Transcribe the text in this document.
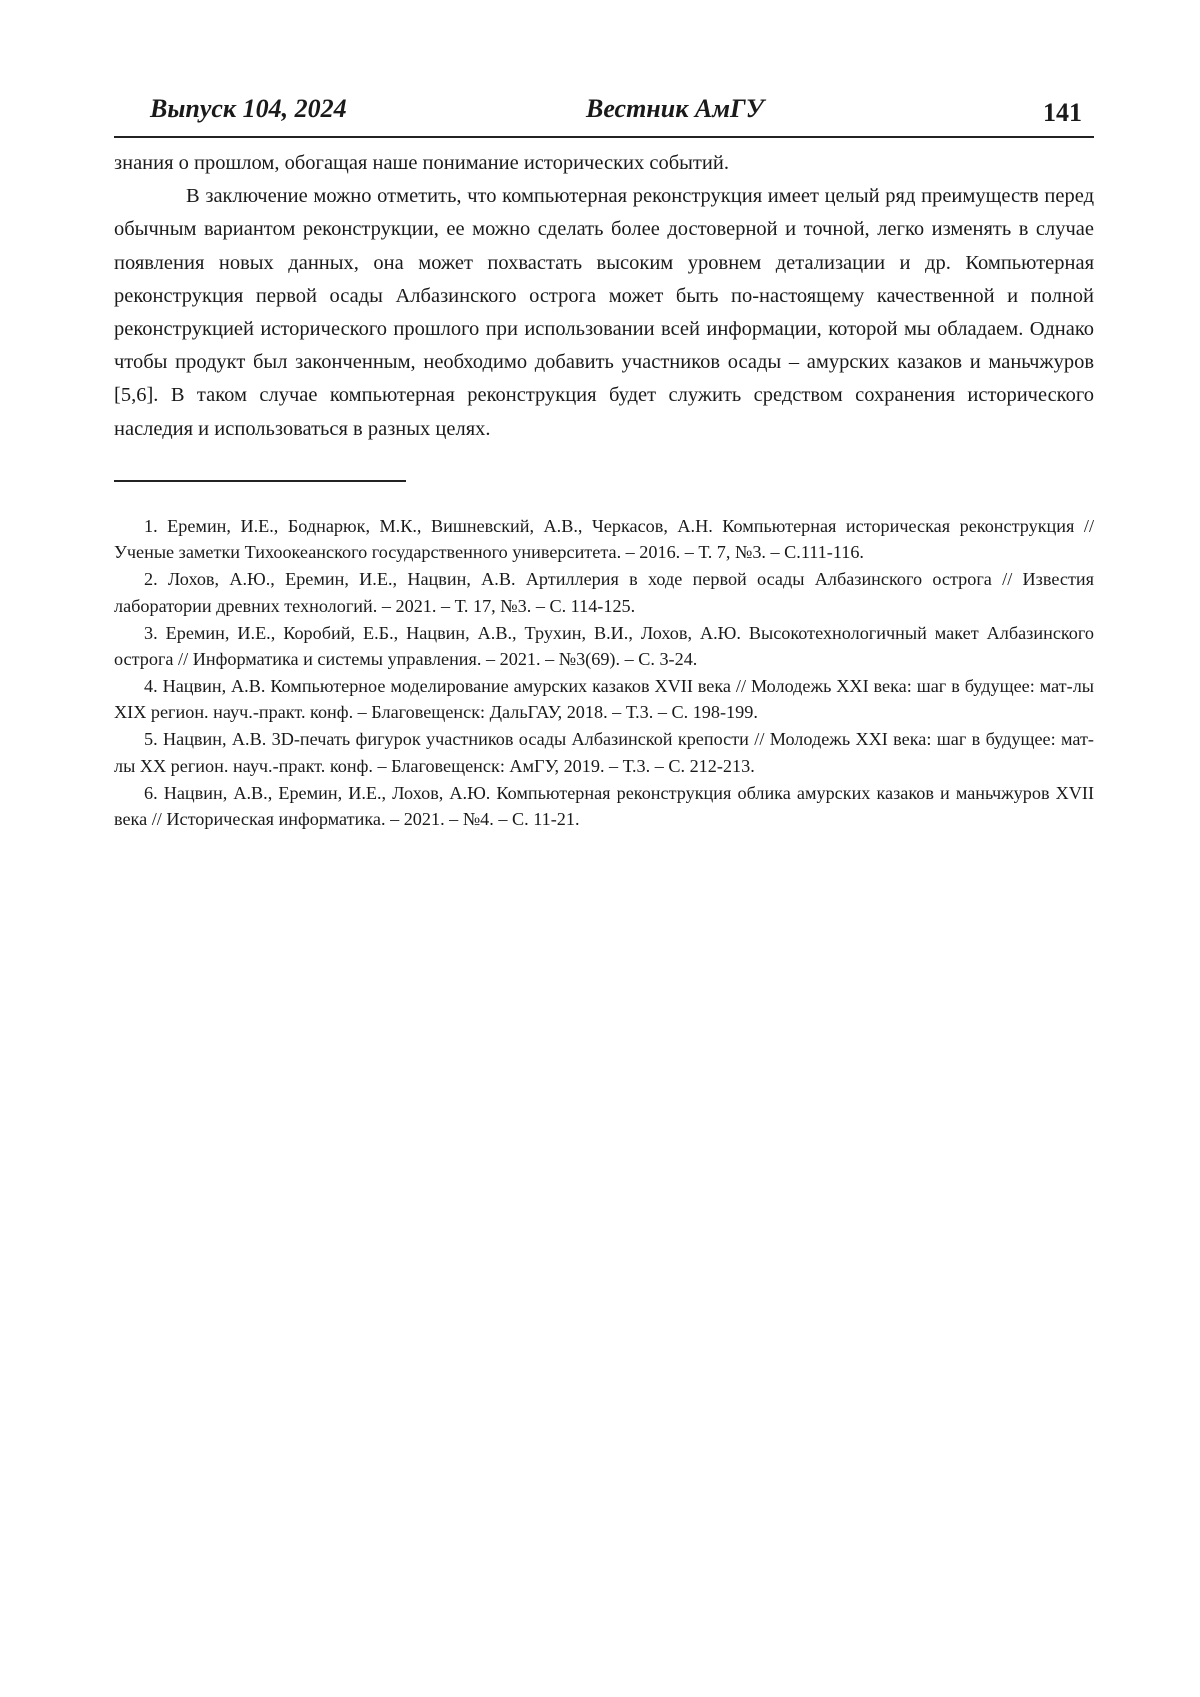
Выпуск 104, 2024	Вестник АмГУ	141

знания о прошлом, обогащая наше понимание исторических событий.

В заключение можно отметить, что компьютерная реконструкция имеет целый ряд преимуществ перед обычным вариантом реконструкции, ее можно сделать более достоверной и точной, легко изменять в случае появления новых данных, она может похвастать высоким уровнем детализации и др. Компьютерная реконструкция первой осады Албазинского острога может быть по-настоящему качественной и полной реконструкцией исторического прошлого при использовании всей информации, которой мы обладаем. Однако чтобы продукт был законченным, необходимо добавить участников осады – амурских казаков и маньчжуров [5,6]. В таком случае компьютерная реконструкция будет служить средством сохранения исторического наследия и использоваться в разных целях.

1. Еремин, И.Е., Боднарюк, М.К., Вишневский, А.В., Черкасов, А.Н. Компьютерная историческая реконструкция // Ученые заметки Тихоокеанского государственного университета. – 2016. – Т. 7, №3. – С.111-116.

2. Лохов, А.Ю., Еремин, И.Е., Нацвин, А.В. Артиллерия в ходе первой осады Албазинского острога // Известия лаборатории древних технологий. – 2021. – Т. 17, №3. – С. 114-125.

3. Еремин, И.Е., Коробий, Е.Б., Нацвин, А.В., Трухин, В.И., Лохов, А.Ю. Высокотехнологичный макет Албазинского острога // Информатика и системы управления. – 2021. – №3(69). – С. 3-24.

4. Нацвин, А.В. Компьютерное моделирование амурских казаков XVII века // Молодежь XXI века: шаг в будущее: мат-лы XIX регион. науч.-практ. конф. – Благовещенск: ДальГАУ, 2018. – Т.3. – С. 198-199.

5. Нацвин, А.В. 3D-печать фигурок участников осады Албазинской крепости // Молодежь XXI века: шаг в будущее: мат-лы XX регион. науч.-практ. конф. – Благовещенск: АмГУ, 2019. – Т.3. – С. 212-213.

6. Нацвин, А.В., Еремин, И.Е., Лохов, А.Ю. Компьютерная реконструкция облика амурских казаков и маньчжуров XVII века // Историческая информатика. – 2021. – №4. – С. 11-21.
